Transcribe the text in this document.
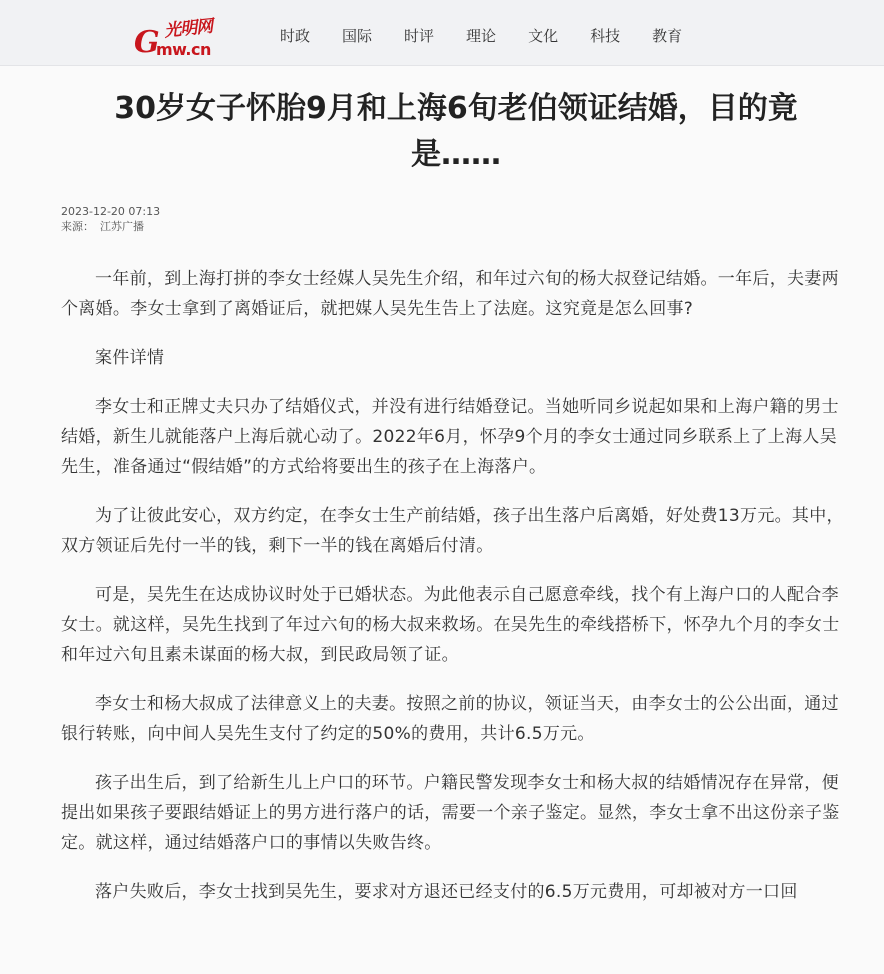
光明网
G
mw.cn
时政 国际 时评 理论 文化 科技 教育
30岁女子怀胎9月和上海6旬老伯领证结婚，目的竟是……
2023-12-20 07:13
来源： 江苏广播

一年前，到上海打拼的李女士经媒人吴先生介绍，和年过六旬的杨大叔登记结婚。一年后，夫妻两个离婚。李女士拿到了离婚证后，就把媒人吴先生告上了法庭。这究竟是怎么回事?

案件详情

李女士和正牌丈夫只办了结婚仪式，并没有进行结婚登记。当她听同乡说起如果和上海户籍的男士结婚，新生儿就能落户上海后就心动了。2022年6月，怀孕9个月的李女士通过同乡联系上了上海人吴先生，准备通过“假结婚”的方式给将要出生的孩子在上海落户。

为了让彼此安心，双方约定，在李女士生产前结婚，孩子出生落户后离婚，好处费13万元。其中，双方领证后先付一半的钱，剩下一半的钱在离婚后付清。

可是，吴先生在达成协议时处于已婚状态。为此他表示自己愿意牵线，找个有上海户口的人配合李女士。就这样，吴先生找到了年过六旬的杨大叔来救场。在吴先生的牵线搭桥下，怀孕九个月的李女士和年过六旬且素未谋面的杨大叔，到民政局领了证。

李女士和杨大叔成了法律意义上的夫妻。按照之前的协议，领证当天，由李女士的公公出面，通过银行转账，向中间人吴先生支付了约定的50%的费用，共计6.5万元。

孩子出生后，到了给新生儿上户口的环节。户籍民警发现李女士和杨大叔的结婚情况存在异常，便提出如果孩子要跟结婚证上的男方进行落户的话，需要一个亲子鉴定。显然，李女士拿不出这份亲子鉴定。就这样，通过结婚落户口的事情以失败告终。

落户失败后，李女士找到吴先生，要求对方退还已经支付的6.5万元费用，可却被对方一口回
